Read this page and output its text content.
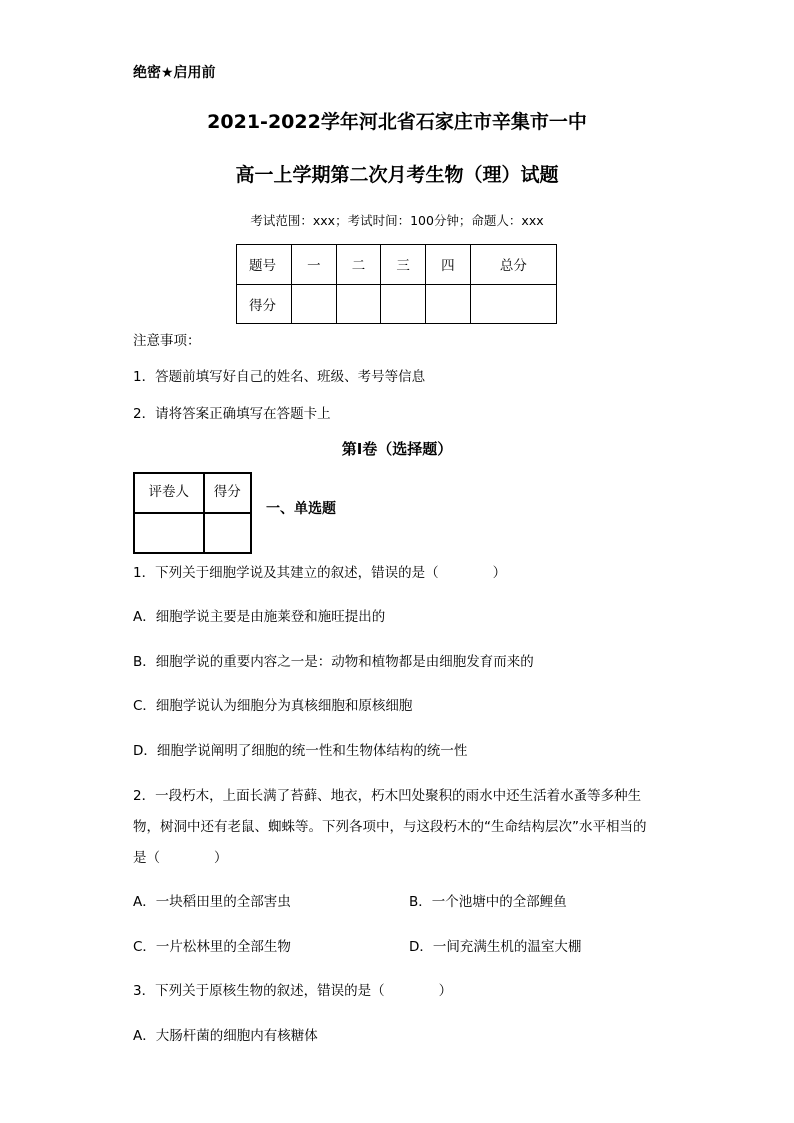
绝密★启用前
2021-2022学年河北省石家庄市辛集市一中
高一上学期第二次月考生物（理）试题
考试范围：xxx；考试时间：100分钟；命题人：xxx
题号	一	二	三	四	总分
得分					
注意事项：
1．答题前填写好自己的姓名、班级、考号等信息
2．请将答案正确填写在答题卡上
第I卷（选择题）
评卷人	得分

一、单选题
1．下列关于细胞学说及其建立的叙述，错误的是（　　　　）
A．细胞学说主要是由施莱登和施旺提出的
B．细胞学说的重要内容之一是：动物和植物都是由细胞发育而来的
C．细胞学说认为细胞分为真核细胞和原核细胞
D．细胞学说阐明了细胞的统一性和生物体结构的统一性
2．一段朽木，上面长满了苔藓、地衣，朽木凹处聚积的雨水中还生活着水蚤等多种生
物，树洞中还有老鼠、蜘蛛等。下列各项中，与这段朽木的“生命结构层次”水平相当的
是（　　　　）
A．一块稻田里的全部害虫	B．一个池塘中的全部鲤鱼
C．一片松林里的全部生物	D．一间充满生机的温室大棚
3．下列关于原核生物的叙述，错误的是（　　　　）
A．大肠杆菌的细胞内有核糖体
